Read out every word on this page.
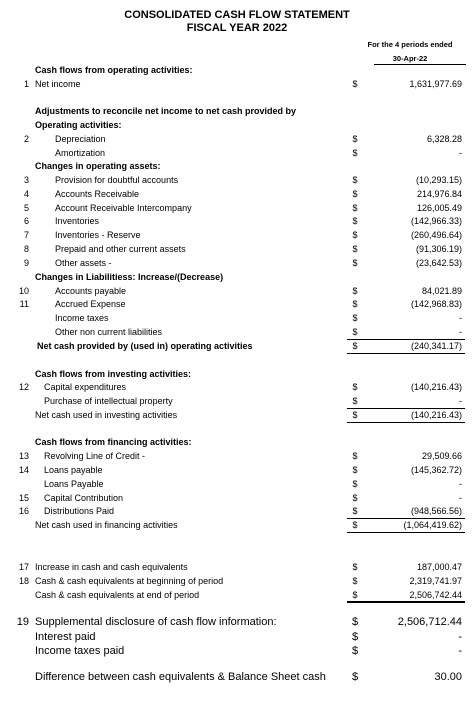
CONSOLIDATED CASH FLOW STATEMENT
FISCAL YEAR 2022
For the 4 periods ended
30-Apr-22
Cash flows from operating activities:
1 Net income	$	1,631,977.69
Adjustments to reconcile net income to net cash provided by
Operating activities:
2	Depreciation	$	6,328.28
Amortization	$	-
Changes in operating assets:
3	Provision for doubtful accounts	$	(10,293.15)
4	Accounts Receivable	$	214,976.84
5	Account Receivable Intercompany	$	126,005.49
6	Inventories	$	(142,966.33)
7	Inventories - Reserve	$	(260,496.64)
8	Prepaid and other current assets	$	(91,306.19)
9	Other assets -	$	(23,642.53)
Changes in Liabilitiess: Increase/(Decrease)
10	Accounts payable	$	84,021.89
11	Accrued Expense	$	(142,968.83)
Income taxes	$	-
Other non current liabilities	$	-
Net cash provided by (used in) operating activities	$	(240,341.17)
Cash flows from investing activities:
12 Capital expenditures	$	(140,216.43)
Purchase of intellectual property	$	-
Net cash used in investing activities	$	(140,216.43)
Cash flows from financing activities:
13 Revolving Line of Credit -	$	29,509.66
14 Loans payable	$	(145,362.72)
Loans Payable	$	-
15 Capital Contribution	$	-
16 Distributions Paid	$	(948,566.56)
Net cash used in financing activities	$	(1,064,419.62)
17 Increase in cash and cash equivalents	$	187,000.47
18 Cash & cash equivalents at beginning of period	$	2,319,741.97
Cash & cash equivalents at end of period	$	2,506,742.44
19 Supplemental disclosure of cash flow information:	$	2,506,712.44
Interest paid	$	-
Income taxes paid	$	-
Difference between cash equivalents & Balance Sheet cash $	30.00
